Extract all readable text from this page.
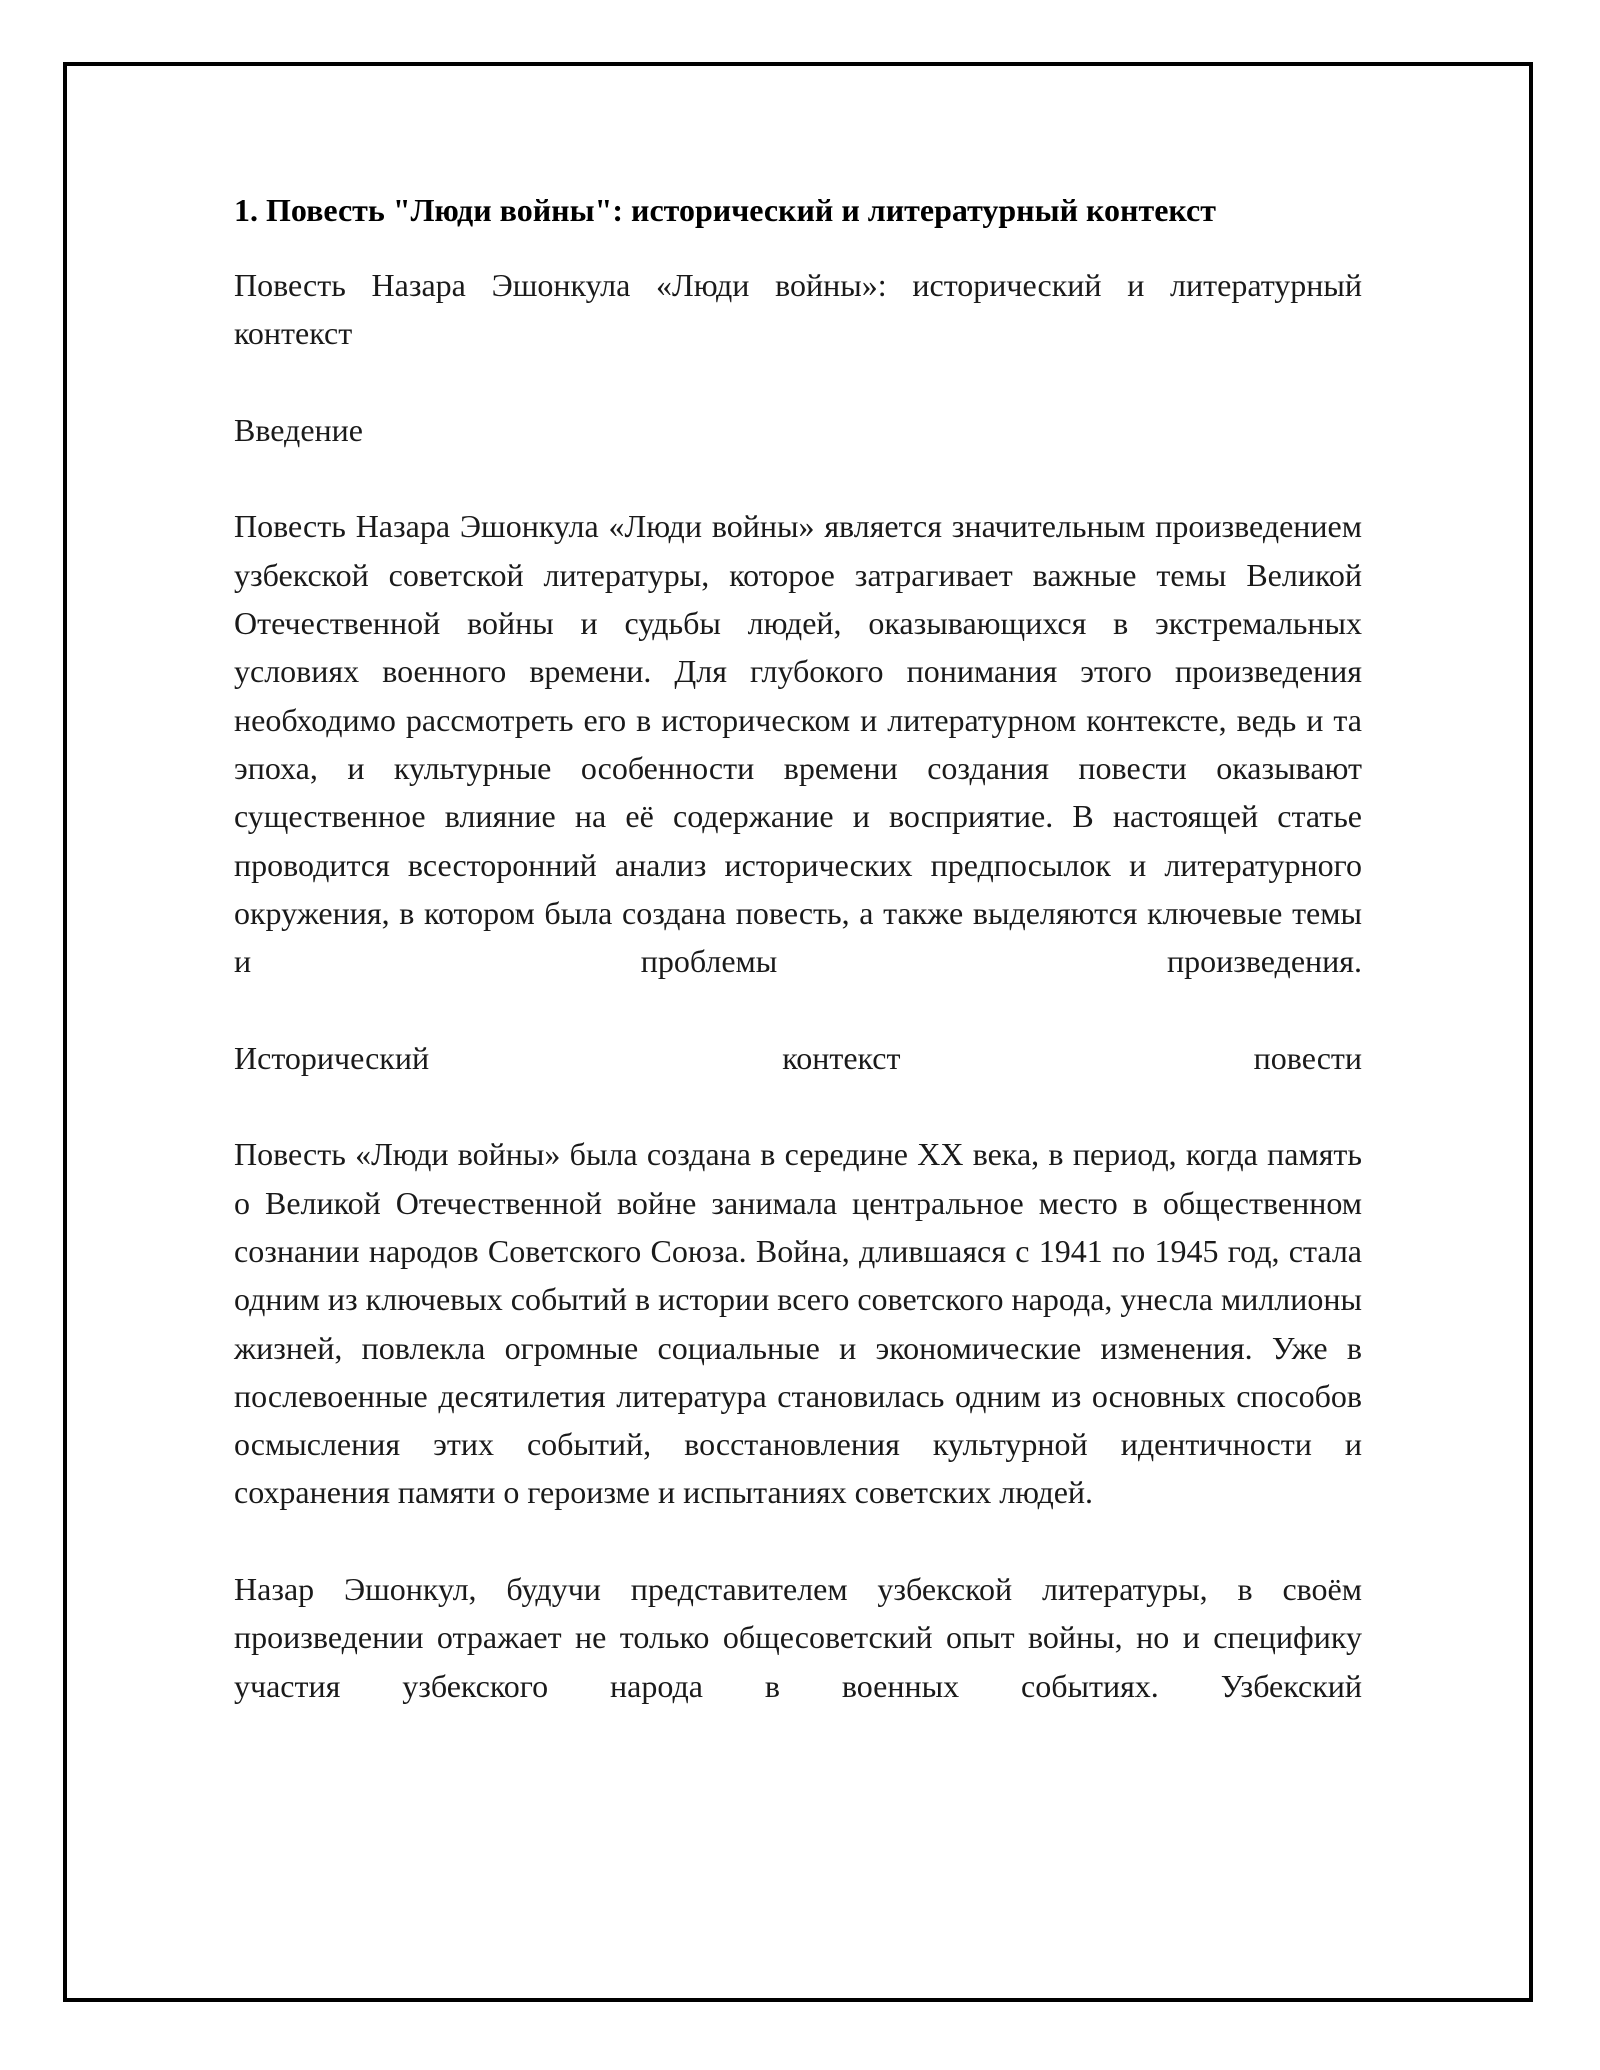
1. Повесть "Люди войны": исторический и литературный контекст

Повесть Назара Эшонкула «Люди войны»: исторический и литературный контекст

Введение

Повесть Назара Эшонкула «Люди войны» является значительным произведением узбекской советской литературы, которое затрагивает важные темы Великой Отечественной войны и судьбы людей, оказывающихся в экстремальных условиях военного времени. Для глубокого понимания этого произведения необходимо рассмотреть его в историческом и литературном контексте, ведь и та эпоха, и культурные особенности времени создания повести оказывают существенное влияние на её содержание и восприятие. В настоящей статье проводится всесторонний анализ исторических предпосылок и литературного окружения, в котором была создана повесть, а также выделяются ключевые темы и проблемы произведения.

Исторический контекст повести

Повесть «Люди войны» была создана в середине XX века, в период, когда память о Великой Отечественной войне занимала центральное место в общественном сознании народов Советского Союза. Война, длившаяся с 1941 по 1945 год, стала одним из ключевых событий в истории всего советского народа, унесла миллионы жизней, повлекла огромные социальные и экономические изменения. Уже в послевоенные десятилетия литература становилась одним из основных способов осмысления этих событий, восстановления культурной идентичности и сохранения памяти о героизме и испытаниях советских людей.

Назар Эшонкул, будучи представителем узбекской литературы, в своём произведении отражает не только общесоветский опыт войны, но и специфику участия узбекского народа в военных событиях. Узбекский
